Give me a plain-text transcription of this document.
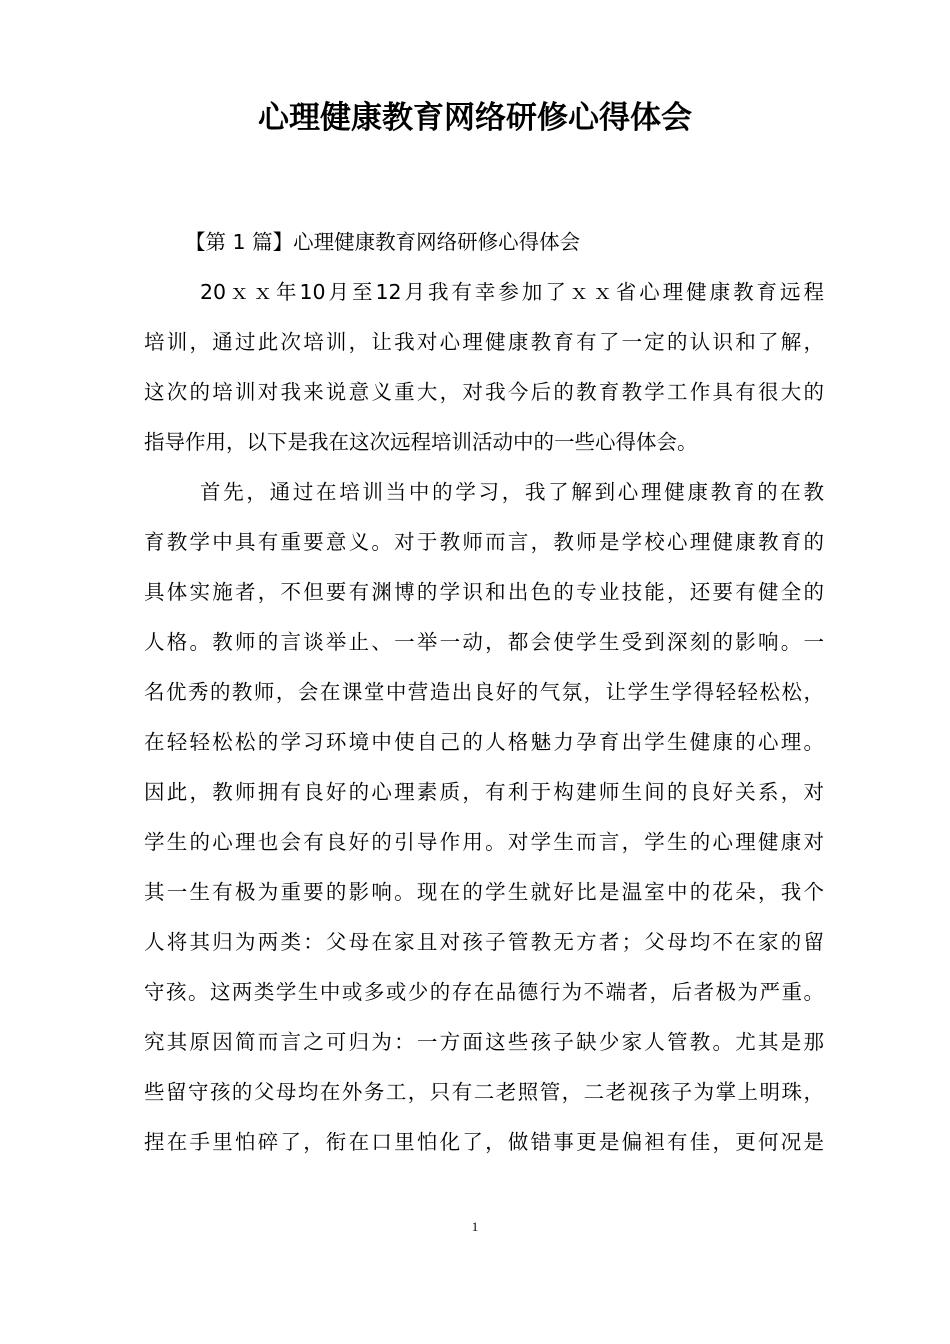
心理健康教育网络研修心得体会
【第 1 篇】心理健康教育网络研修心得体会
20ｘｘ年10月至12月我有幸参加了ｘｘ省心理健康教育远程
培训，通过此次培训，让我对心理健康教育有了一定的认识和了解，
这次的培训对我来说意义重大，对我今后的教育教学工作具有很大的
指导作用，以下是我在这次远程培训活动中的一些心得体会。
首先，通过在培训当中的学习，我了解到心理健康教育的在教
育教学中具有重要意义。对于教师而言，教师是学校心理健康教育的
具体实施者，不但要有渊博的学识和出色的专业技能，还要有健全的
人格。教师的言谈举止、一举一动，都会使学生受到深刻的影响。一
名优秀的教师，会在课堂中营造出良好的气氛，让学生学得轻轻松松，
在轻轻松松的学习环境中使自己的人格魅力孕育出学生健康的心理。
因此，教师拥有良好的心理素质，有利于构建师生间的良好关系，对
学生的心理也会有良好的引导作用。对学生而言，学生的心理健康对
其一生有极为重要的影响。现在的学生就好比是温室中的花朵，我个
人将其归为两类：父母在家且对孩子管教无方者；父母均不在家的留
守孩。这两类学生中或多或少的存在品德行为不端者，后者极为严重。
究其原因简而言之可归为：一方面这些孩子缺少家人管教。尤其是那
些留守孩的父母均在外务工，只有二老照管，二老视孩子为掌上明珠，
捏在手里怕碎了，衔在口里怕化了，做错事更是偏袒有佳，更何况是
1
